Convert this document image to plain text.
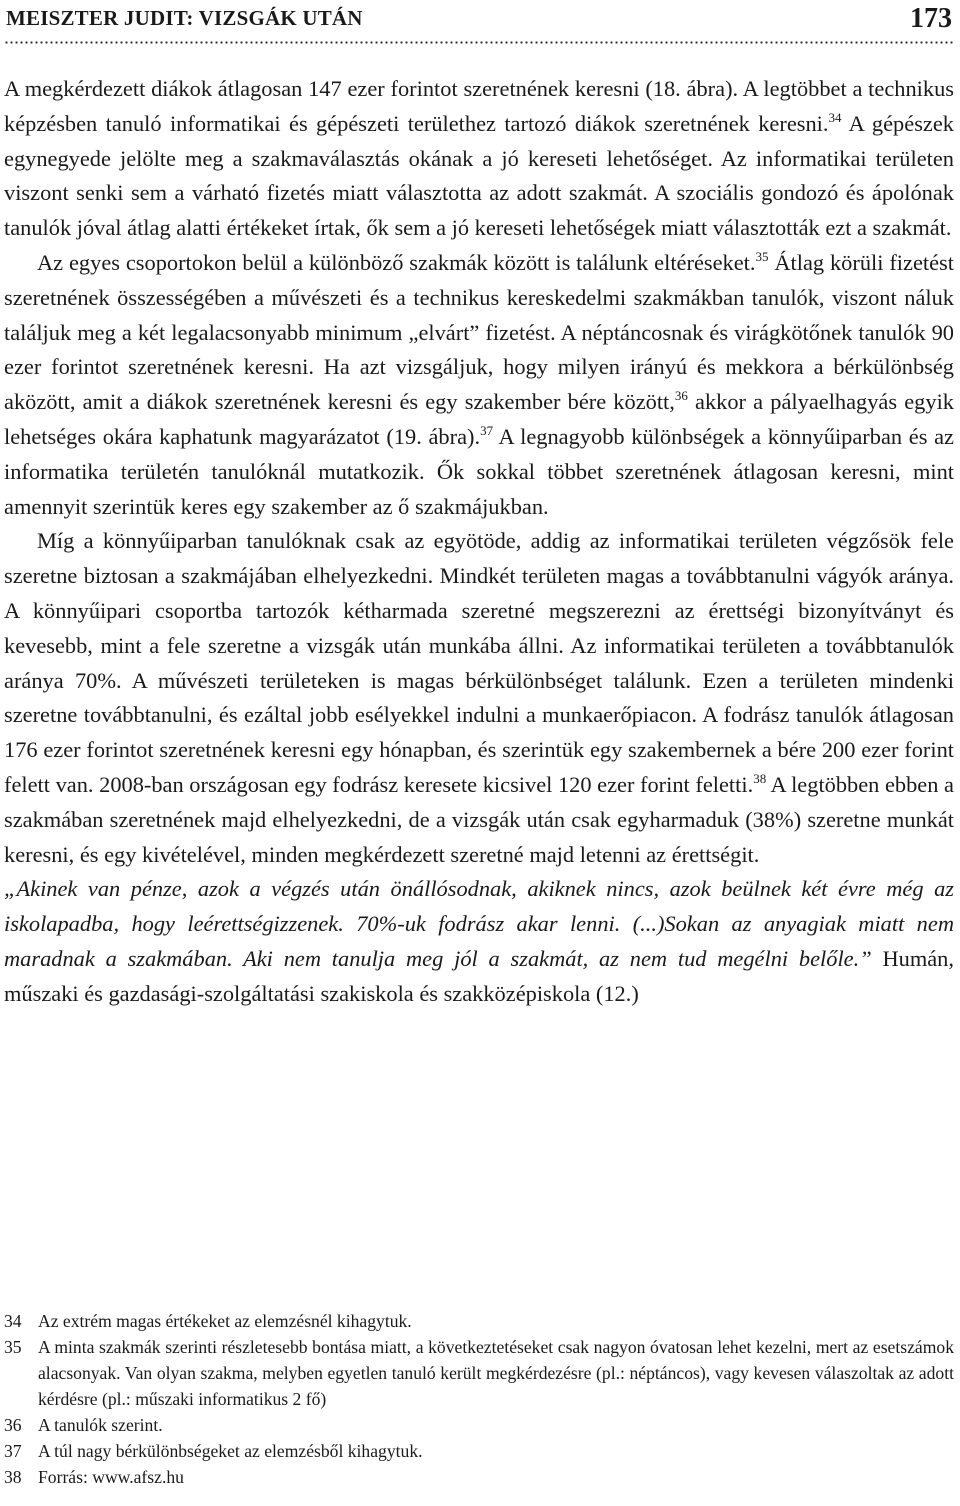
MEISZTER JUDIT: VIZSGÁK UTÁN	173

A megkérdezett diákok átlagosan 147 ezer forintot szeretnének keresni (18. ábra). A legtöbbet a technikus képzésben tanuló informatikai és gépészeti területhez tartozó diákok szeretnének keresni.$^{34}$ A gépészek egynegyede jelölte meg a szakmaválasztás okának a jó kereseti lehetőséget. Az informatikai területen viszont senki sem a várható fizetés miatt választotta az adott szakmát. A szociális gondozó és ápolónak tanulók jóval átlag alatti értékeket írtak, ők sem a jó kereseti lehetőségek miatt választották ezt a szakmát.

Az egyes csoportokon belül a különböző szakmák között is találunk eltéréseket.$^{35}$ Átlag körüli fizetést szeretnének összességében a művészeti és a technikus kereskedelmi szakmákban tanulók, viszont náluk találjuk meg a két legalacsonyabb minimum „elvárt” fizetést. A néptáncosnak és virágkötőnek tanulók 90 ezer forintot szeretnének keresni. Ha azt vizsgáljuk, hogy milyen irányú és mekkora a bérkülönbség aközött, amit a diákok szeretnének keresni és egy szakember bére között,$^{36}$ akkor a pályaelhagyás egyik lehetséges okára kaphatunk magyarázatot (19. ábra).$^{37}$ A legnagyobb különbségek a könnyűiparban és az informatika területén tanulóknál mutatkozik. Ők sokkal többet szeretnének átlagosan keresni, mint amennyit szerintük keres egy szakember az ő szakmájukban.

Míg a könnyűiparban tanulóknak csak az egyötöde, addig az informatikai területen végzősök fele szeretne biztosan a szakmájában elhelyezkedni. Mindkét területen magas a továbbtanulni vágyók aránya. A könnyűipari csoportba tartozók kétharmada szeretné megszerezni az érettségi bizonyítványt és kevesebb, mint a fele szeretne a vizsgák után munkába állni. Az informatikai területen a továbbtanulók aránya 70%. A művészeti területeken is magas bérkülönbséget találunk. Ezen a területen mindenki szeretne továbbtanulni, és ezáltal jobb esélyekkel indulni a munkaerőpiacon. A fodrász tanulók átlagosan 176 ezer forintot szeretnének keresni egy hónapban, és szerintük egy szakembernek a bére 200 ezer forint felett van. 2008-ban országosan egy fodrász keresete kicsivel 120 ezer forint feletti.$^{38}$ A legtöbben ebben a szakmában szeretnének majd elhelyezkedni, de a vizsgák után csak egyharmaduk (38%) szeretne munkát keresni, és egy kivételével, minden megkérdezett szeretné majd letenni az érettségit.

„Akinek van pénze, azok a végzés után önállósodnak, akiknek nincs, azok beülnek két évre még az iskolapadba, hogy leérettségizzenek. 70%-uk fodrász akar lenni. (...)Sokan az anyagiak miatt nem maradnak a szakmában. Aki nem tanulja meg jól a szakmát, az nem tud megélni belőle.” Humán, műszaki és gazdasági-szolgáltatási szakiskola és szakközépiskola (12.)

34 Az extrém magas értékeket az elemzésnél kihagytuk.
35 A minta szakmák szerinti részletesebb bontása miatt, a következtetéseket csak nagyon óvatosan lehet kezelni, mert az esetszámok alacsonyak. Van olyan szakma, melyben egyetlen tanuló került megkérdezésre (pl.: néptáncos), vagy kevesen válaszoltak az adott kérdésre (pl.: műszaki informatikus 2 fő)
36 A tanulók szerint.
37 A túl nagy bérkülönbségeket az elemzésből kihagytuk.
38 Forrás: www.afsz.hu
